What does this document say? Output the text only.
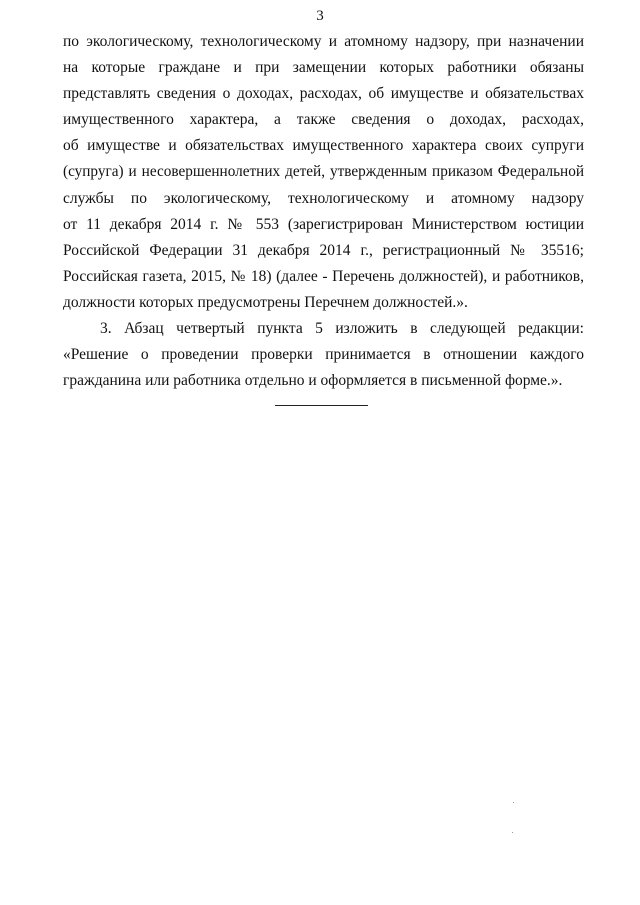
3
по экологическому, технологическому и атомному надзору, при назначении
на которые граждане и при замещении которых работники обязаны
представлять сведения о доходах, расходах, об имуществе и обязательствах
имущественного характера, а также сведения о доходах, расходах,
об имуществе и обязательствах имущественного характера своих супруги
(супруга) и несовершеннолетних детей, утвержденным приказом Федеральной
службы по экологическому, технологическому и атомному надзору
от 11 декабря 2014 г. № 553 (зарегистрирован Министерством юстиции
Российской Федерации 31 декабря 2014 г., регистрационный № 35516;
Российская газета, 2015, № 18) (далее - Перечень должностей), и работников,
должности которых предусмотрены Перечнем должностей.».
3. Абзац четвертый пункта 5 изложить в следующей редакции:
«Решение о проведении проверки принимается в отношении каждого
гражданина или работника отдельно и оформляется в письменной форме.».
